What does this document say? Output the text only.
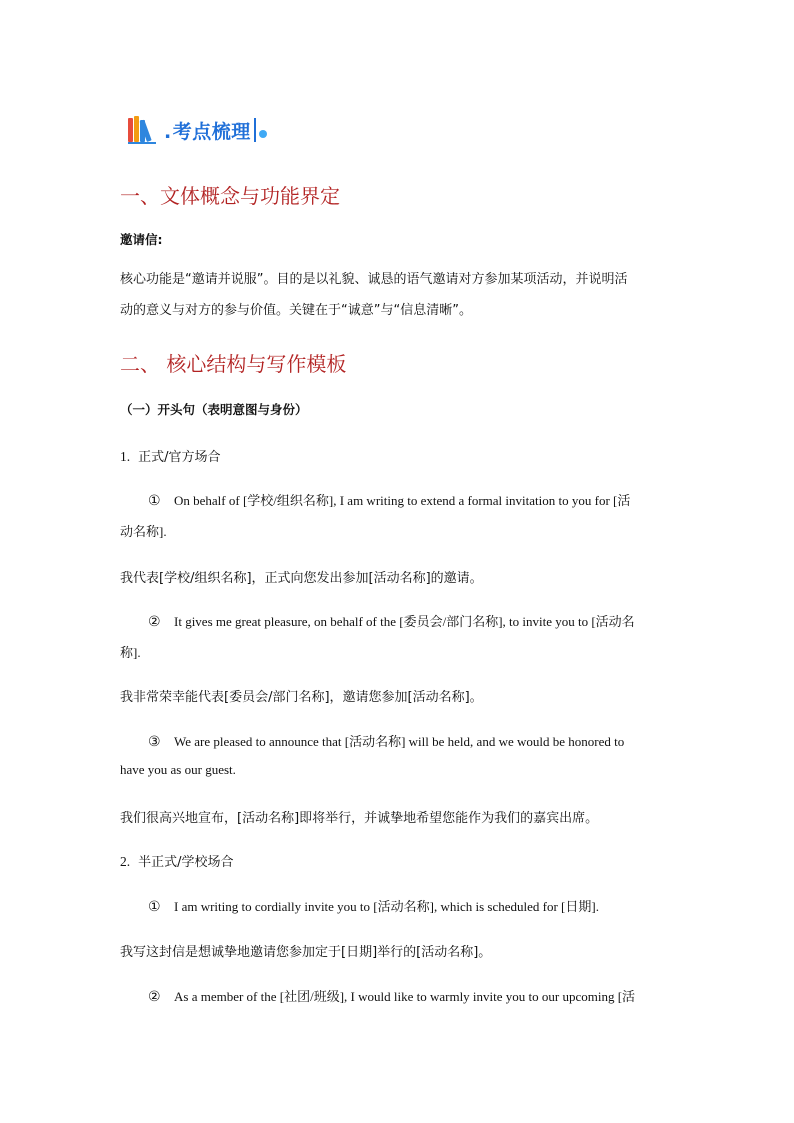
. 考点梳理
一、文体概念与功能界定
邀请信:
核心功能是“邀请并说服”。目的是以礼貌、诚恳的语气邀请对方参加某项活动，并说明活
动的意义与对方的参与价值。关键在于“诚意”与“信息清晰”。
二、 核心结构与写作模板
（一）开头句（表明意图与身份）
1. 正式/官方场合
① On behalf of [学校/组织名称], I am writing to extend a formal invitation to you for [活
动名称].
我代表[学校/组织名称]，正式向您发出参加[活动名称]的邀请。
② It gives me great pleasure, on behalf of the [委员会/部门名称], to invite you to [活动名
称].
我非常荣幸能代表[委员会/部门名称]，邀请您参加[活动名称]。
③ We are pleased to announce that [活动名称] will be held, and we would be honored to
have you as our guest.
我们很高兴地宣布，[活动名称]即将举行，并诚挚地希望您能作为我们的嘉宾出席。
2. 半正式/学校场合
① I am writing to cordially invite you to [活动名称], which is scheduled for [日期].
我写这封信是想诚挚地邀请您参加定于[日期]举行的[活动名称]。
② As a member of the [社团/班级], I would like to warmly invite you to our upcoming [活
